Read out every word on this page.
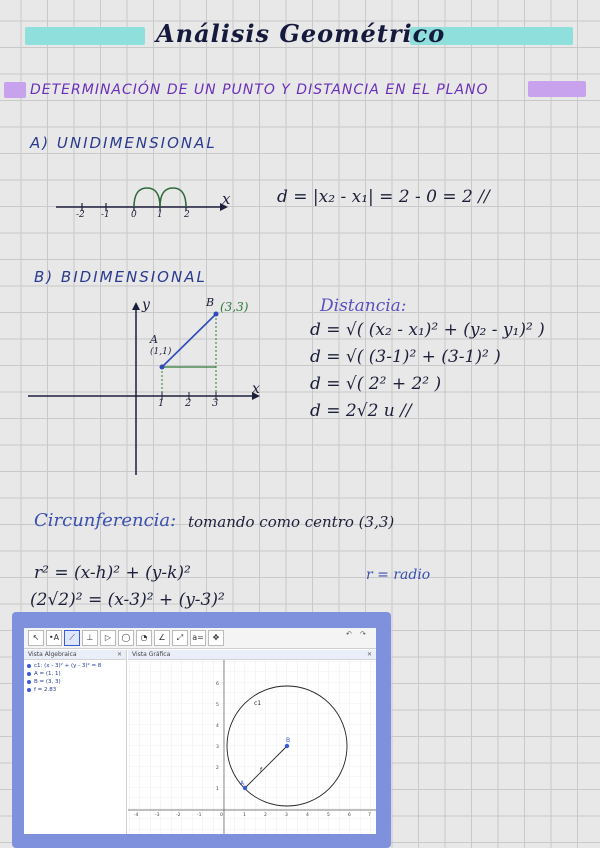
Análisis Geométrico
DETERMINACIÓN DE UN PUNTO Y DISTANCIA EN EL PLANO
A) UNIDIMENSIONAL
x
-2 -1 0 1 2
d = |x₂ - x₁| = 2 - 0 = 2 //
B) BIDIMENSIONAL
y
x
A
(1,1)
B (3,3)
1 2 3
Distancia:
d = √( (x₂ - x₁)² + (y₂ - y₁)² )
d = √( (3-1)² + (3-1)² )
d = √( 2² + 2² )
d = 2√2 u //
Circunferencia: tomando como centro (3,3)
r² = (x-h)² + (y-k)²	r = radio
(2√2)² = (x-3)² + (y-3)²
↖	•A	⟋	⊥	▷	◯	◔	∠	⤢	a=	✥	↶ ↷
Vista Algebraica	✕
c1: (x - 3)² + (y - 3)² = 8
A = (1, 1)
B = (3, 3)
f = 2.83
Vista Gráfica	✕
c1
f
A
B
-4	-3	-2	-1	0	1	2	3	4	5	6	7
6
5
4
3
2
1
